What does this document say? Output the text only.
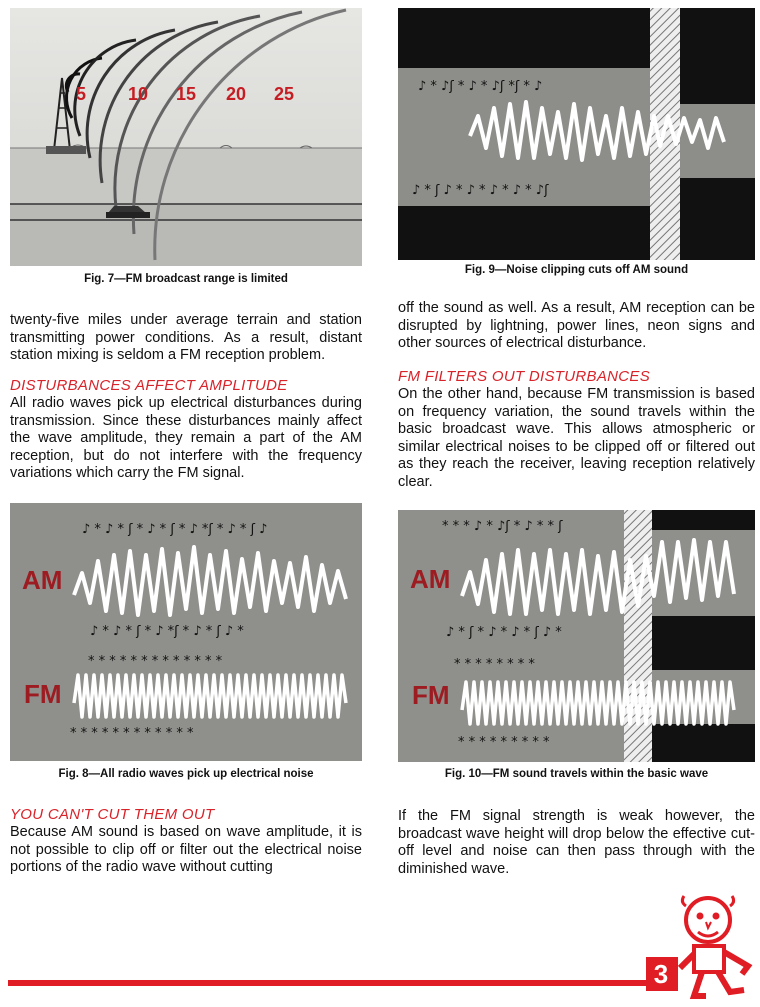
5 10 15 20 25
Fig. 7—FM broadcast range is limited
♪ * ♪ʃ * ♪ * ♪ʃ *ʃ * ♪
♪ * ʃ ♪ * ♪ * ♪ * ♪ * ♪ʃ
Fig. 9—Noise clipping cuts off AM sound

twenty-five miles under average terrain and station transmitting power conditions. As a result, distant station mixing is seldom a FM reception problem.

DISTURBANCES AFFECT AMPLITUDE

All radio waves pick up electrical disturbances during transmission. Since these disturbances mainly affect the wave amplitude, they remain a part of the AM reception, but do not interfere with the frequency variations which carry the FM signal.

off the sound as well. As a result, AM reception can be disrupted by lightning, power lines, neon signs and other sources of electrical disturbance.

FM FILTERS OUT DISTURBANCES

On the other hand, because FM transmission is based on frequency variation, the sound travels within the basic broadcast wave. This allows atmospheric or similar electrical noises to be clipped off or filtered out as they reach the receiver, leaving reception relatively clear.

AM
FM
♪ * ♪ * ʃ * ♪ * ʃ * ♪ *ʃ * ♪ * ʃ ♪
♪ * ♪ * ʃ * ♪ *ʃ * ♪ * ʃ ♪ *
* * * * * * * * * * * * *
* * * * * * * * * * * *
Fig. 8—All radio waves pick up electrical noise
AM
FM
* * * ♪ * ♪ʃ * ♪ * * ʃ
♪ * ʃ * ♪ * ♪ * ʃ ♪ *
* * * * * * * *
* * * * * * * * *
Fig. 10—FM sound travels within the basic wave

YOU CAN'T CUT THEM OUT

Because AM sound is based on wave amplitude, it is not possible to clip off or filter out the electrical noise portions of the radio wave without cutting

If the FM signal strength is weak however, the broadcast wave height will drop below the effective cut-off level and noise can then pass through with the diminished wave.

3
